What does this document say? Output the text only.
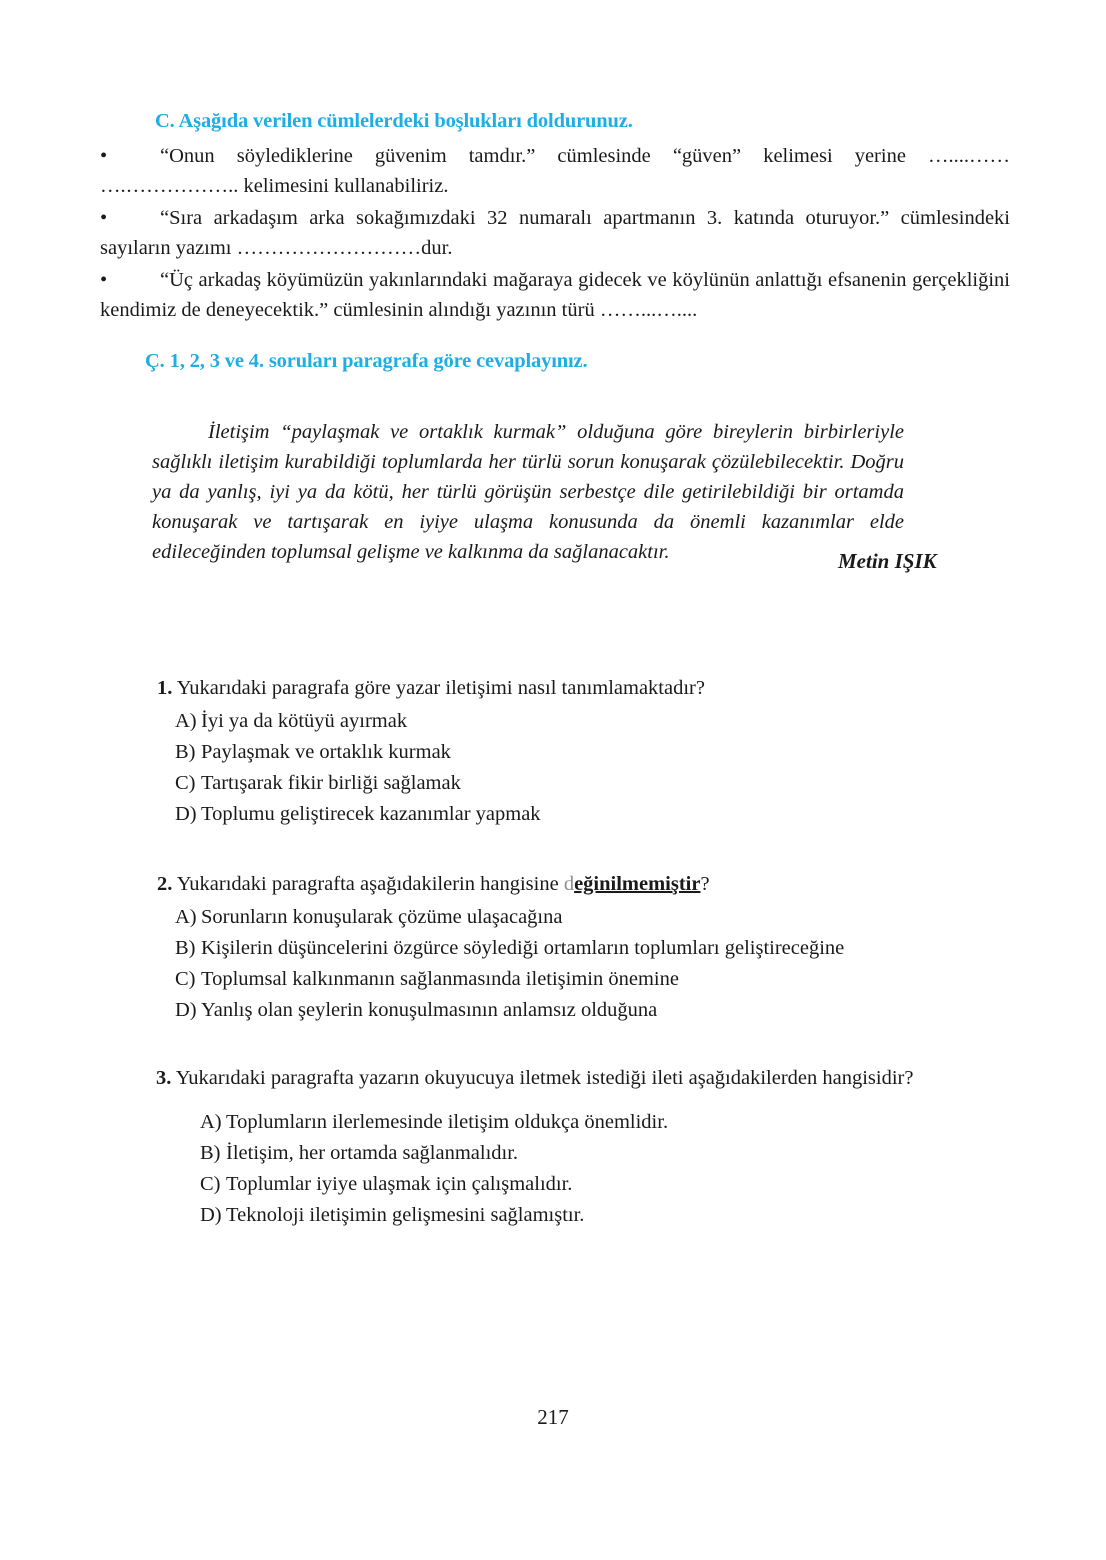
C. Aşağıda verilen cümlelerdeki boşlukları doldurunuz.

•	“Onun söylediklerine güvenim tamdır.” cümlesinde “güven” kelimesi yerine …....…… ….…………….. kelimesini kullanabiliriz.

•	“Sıra arkadaşım arka sokağımızdaki 32 numaralı apartmanın 3. katında oturuyor.” cümlesindeki sayıların yazımı ………………………dur.

•	“Üç arkadaş köyümüzün yakınlarındaki mağaraya gidecek ve köylünün anlattığı efsanenin gerçekliğini kendimiz de deneyecektik.” cümlesinin alındığı yazının türü ……...…....

Ç. 1, 2, 3 ve 4. soruları paragrafa göre cevaplayınız.
İletişim “paylaşmak ve ortaklık kurmak” olduğuna göre bireylerin birbirleriyle sağlıklı iletişim kurabildiği toplumlarda her türlü sorun konuşarak çözülebilecektir. Doğru ya da yanlış, iyi ya da kötü, her türlü görüşün serbestçe dile getirilebildiği bir ortamda konuşarak ve tartışarak en iyiye ulaşma konusunda da önemli kazanımlar elde edileceğinden toplumsal gelişme ve kalkınma da sağlanacaktır.	Metin IŞIK

1. Yukarıdaki paragrafa göre yazar iletişimi nasıl tanımlamaktadır?

A) İyi ya da kötüyü ayırmak
B) Paylaşmak ve ortaklık kurmak
C) Tartışarak fikir birliği sağlamak
D) Toplumu geliştirecek kazanımlar yapmak

2. Yukarıdaki paragrafta aşağıdakilerin hangisine değinilmemiştir?

A) Sorunların konuşularak çözüme ulaşacağına
B) Kişilerin düşüncelerini özgürce söylediği ortamların toplumları geliştireceğine
C) Toplumsal kalkınmanın sağlanmasında iletişimin önemine
D) Yanlış olan şeylerin konuşulmasının anlamsız olduğuna

3. Yukarıdaki paragrafta yazarın okuyucuya iletmek istediği ileti aşağıdakilerden hangisidir?

A) Toplumların ilerlemesinde iletişim oldukça önemlidir.
B) İletişim, her ortamda sağlanmalıdır.
C) Toplumlar iyiye ulaşmak için çalışmalıdır.
D) Teknoloji iletişimin gelişmesini sağlamıştır.
217
